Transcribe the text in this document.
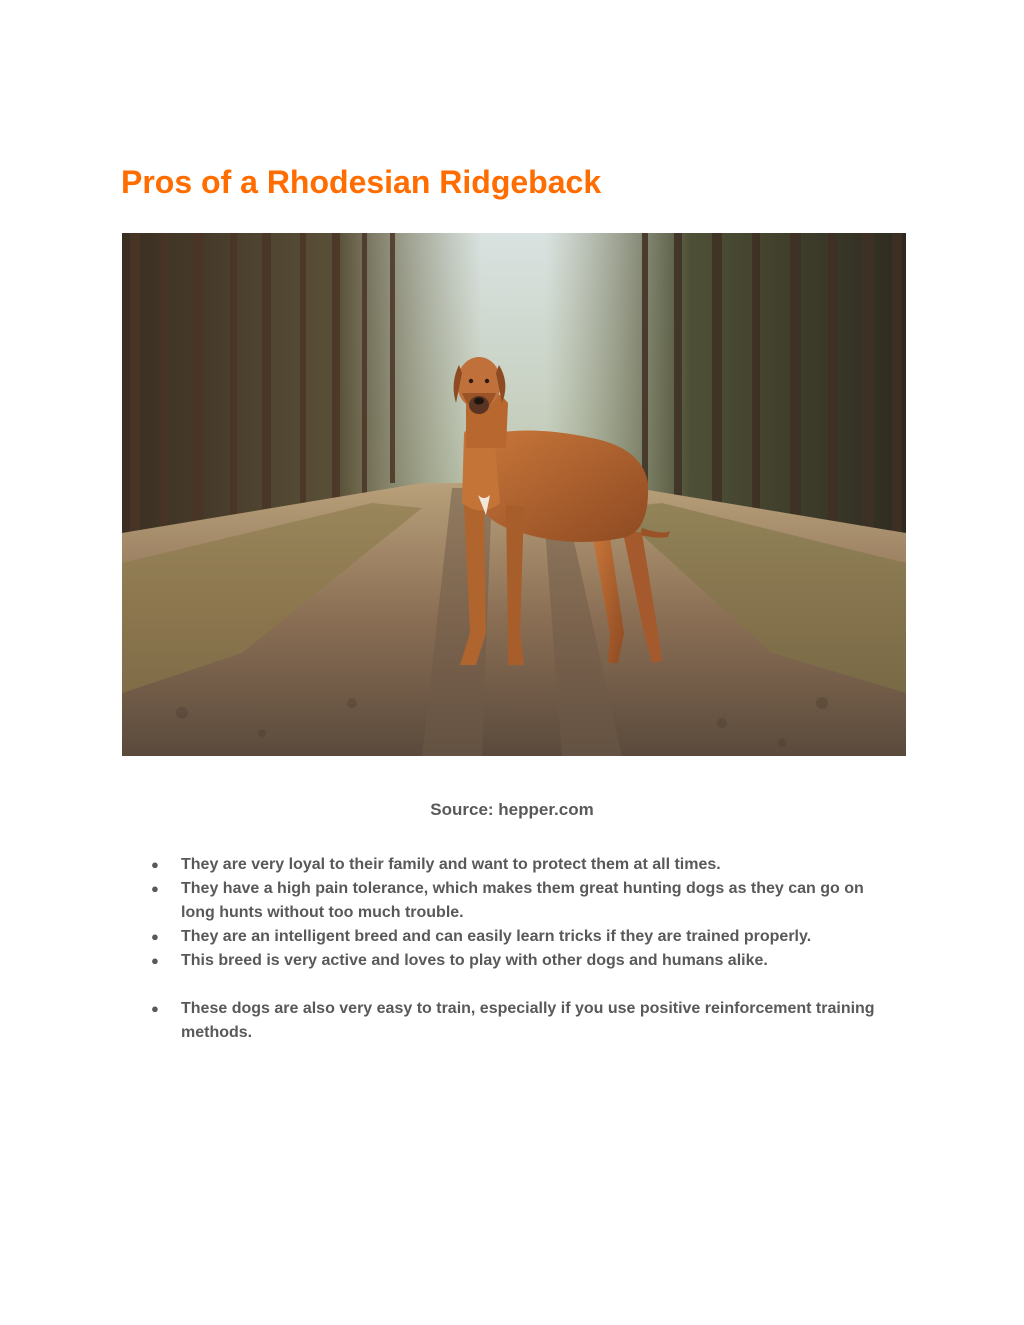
Pros of a Rhodesian Ridgeback

Source: hepper.com

● They are very loyal to their family and want to protect them at all times.
● They have a high pain tolerance, which makes them great hunting dogs as they can go on long hunts without too much trouble.
● They are an intelligent breed and can easily learn tricks if they are trained properly.
● This breed is very active and loves to play with other dogs and humans alike.
● These dogs are also very easy to train, especially if you use positive reinforcement training methods.
